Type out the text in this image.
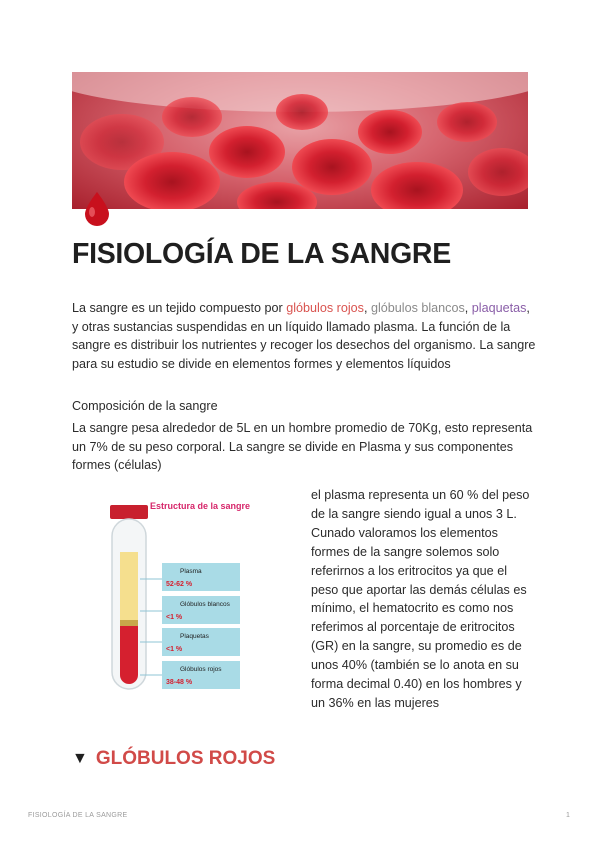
FISIOLOGÍA DE LA SANGRE

La sangre es un tejido compuesto por glóbulos rojos, glóbulos blancos, plaquetas, y otras sustancias suspendidas en un líquido llamado plasma. La función de la sangre es distribuir los nutrientes y recoger los desechos del organismo. La sangre para su estudio se divide en elementos formes y elementos líquidos

Composición de la sangre

La sangre pesa alrededor de 5L en un hombre promedio de 70Kg, esto representa un 7% de su peso corporal. La sangre se divide en Plasma y sus componentes formes (células)

Estructura de la sangre
Plasma
52-62 %
Glóbulos blancos
<1 %
Plaquetas
<1 %
Glóbulos rojos
38-48 %

el plasma representa un 60 % del peso de la sangre siendo igual a unos 3 L. Cunado valoramos los elementos formes de la sangre solemos solo referirnos a los eritrocitos ya que el peso que aportar las demás células es mínimo, el hematocrito es como nos referimos al porcentaje de eritrocitos (GR) en la sangre, su promedio es de unos 40% (también se lo anota en su forma decimal 0.40) en los hombres y un 36% en las mujeres

▼ GLÓBULOS ROJOS
FISIOLOGÍA DE LA SANGRE	1
